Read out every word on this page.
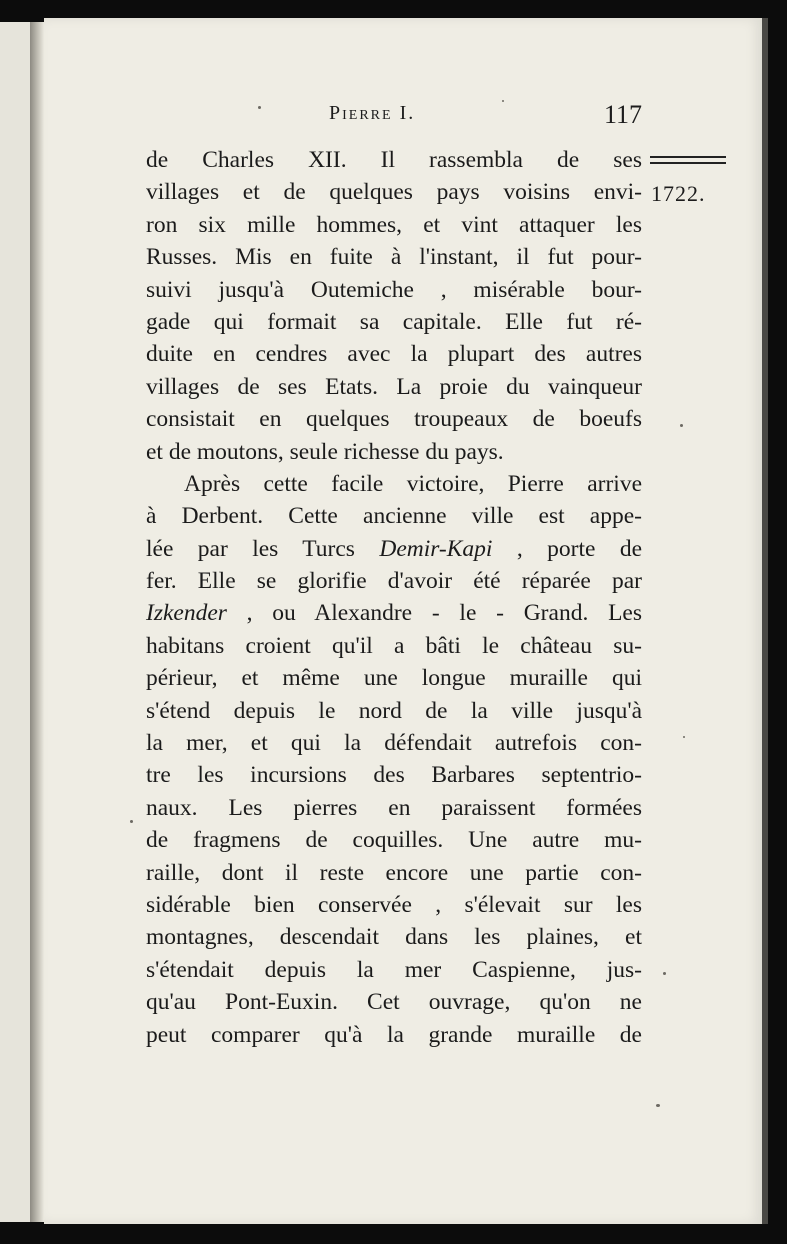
Pierre I.	117
1722.
de Charles XII. Il rassembla de ses
villages et de quelques pays voisins envi-
ron six mille hommes, et vint attaquer les
Russes. Mis en fuite à l'instant, il fut pour-
suivi jusqu'à Outemiche , misérable bour-
gade qui formait sa capitale. Elle fut ré-
duite en cendres avec la plupart des autres
villages de ses Etats. La proie du vainqueur
consistait en quelques troupeaux de boeufs
et de moutons, seule richesse du pays.
Après cette facile victoire, Pierre arrive
à Derbent. Cette ancienne ville est appe-
lée par les Turcs Demir-Kapi , porte de
fer. Elle se glorifie d'avoir été réparée par
Izkender , ou Alexandre - le - Grand. Les
habitans croient qu'il a bâti le château su-
périeur, et même une longue muraille qui
s'étend depuis le nord de la ville jusqu'à
la mer, et qui la défendait autrefois con-
tre les incursions des Barbares septentrio-
naux. Les pierres en paraissent formées
de fragmens de coquilles. Une autre mu-
raille, dont il reste encore une partie con-
sidérable bien conservée , s'élevait sur les
montagnes, descendait dans les plaines, et
s'étendait depuis la mer Caspienne, jus-
qu'au Pont-Euxin. Cet ouvrage, qu'on ne
peut comparer qu'à la grande muraille de
